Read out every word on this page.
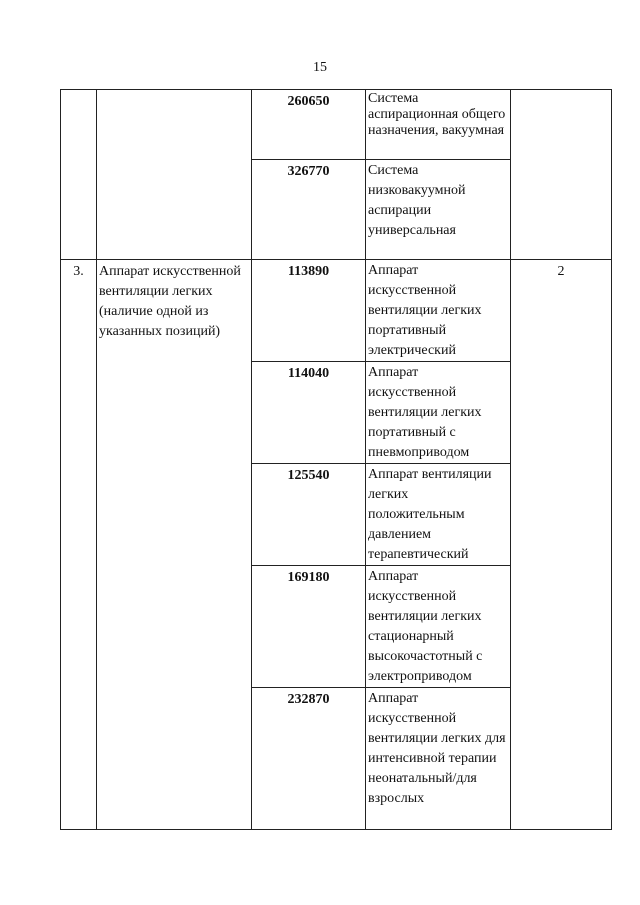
15
		260650	Система аспирационная общего назначения, вакуумная	
		326770	Система низковакуумной аспирации универсальная	
3.	Аппарат искусственной вентиляции легких (наличие одной из указанных позиций)	113890	Аппарат искусственной вентиляции легких портативный электрический	2
		114040	Аппарат искусственной вентиляции легких портативный с пневмоприводом	
		125540	Аппарат вентиляции легких положительным давлением терапевтический	
		169180	Аппарат искусственной вентиляции легких стационарный высокочастотный с электроприводом	
		232870	Аппарат искусственной вентиляции легких для интенсивной терапии неонатальный/для взрослых	
